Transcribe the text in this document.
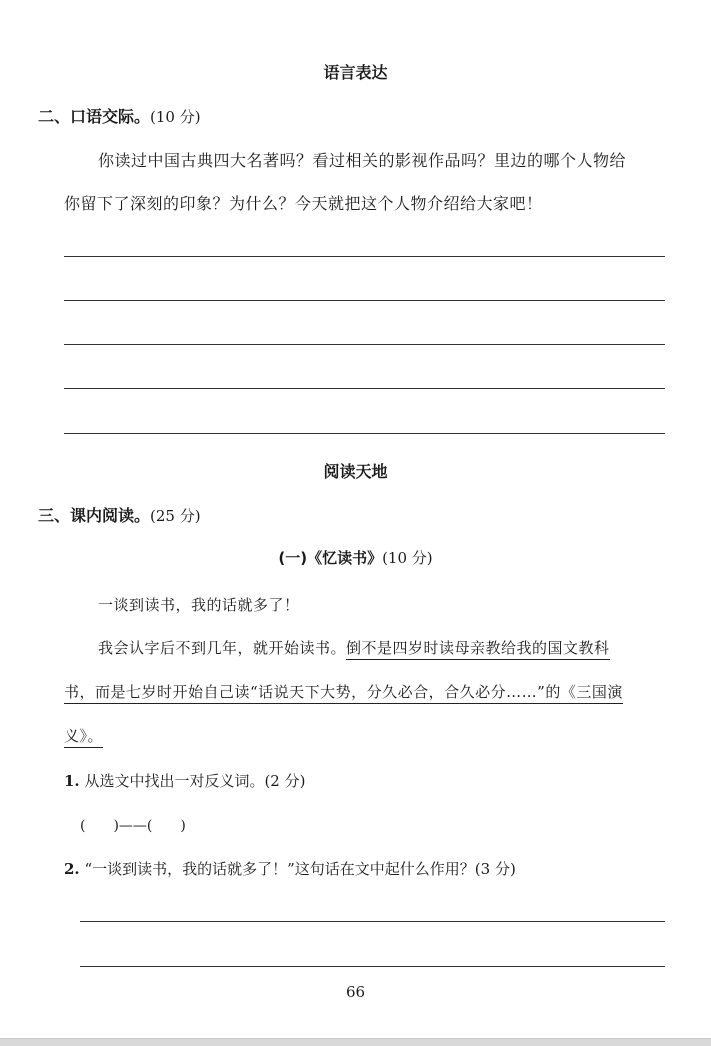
语言表达
二、口语交际。(10 分)
你读过中国古典四大名著吗？看过相关的影视作品吗？里边的哪个人物给
你留下了深刻的印象？为什么？今天就把这个人物介绍给大家吧！
阅读天地
三、课内阅读。(25 分)
(一)《忆读书》(10 分)
一谈到读书，我的话就多了！
我会认字后不到几年，就开始读书。倒不是四岁时读母亲教给我的国文教科
书，而是七岁时开始自己读“话说天下大势，分久必合，合久必分……”的《三国演
义》。
1. 从选文中找出一对反义词。(2 分)
(　　)——(　　)
2. “一谈到读书，我的话就多了！”这句话在文中起什么作用？(3 分)
66
